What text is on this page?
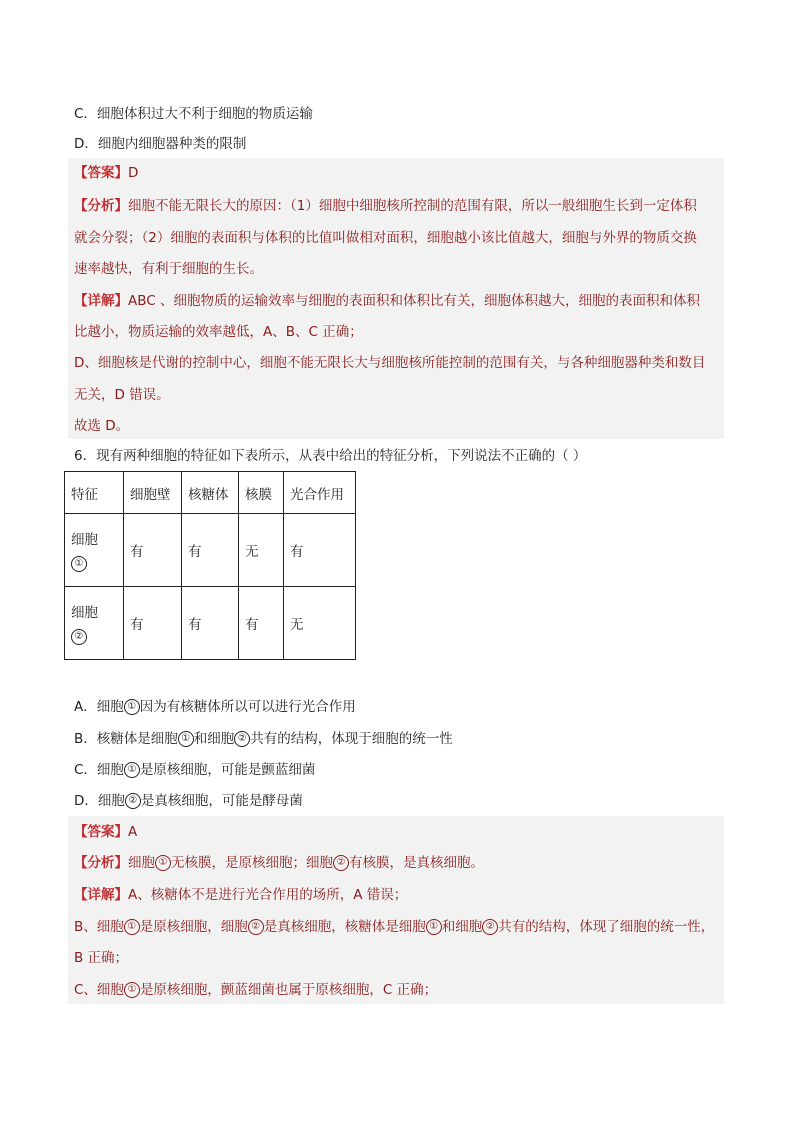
C．细胞体积过大不利于细胞的物质运输
D．细胞内细胞器种类的限制
【答案】D
【分析】细胞不能无限长大的原因：（1）细胞中细胞核所控制的范围有限，所以一般细胞生长到一定体积
就会分裂；（2）细胞的表面积与体积的比值叫做相对面积，细胞越小该比值越大，细胞与外界的物质交换
速率越快，有利于细胞的生长。
【详解】ABC 、细胞物质的运输效率与细胞的表面积和体积比有关，细胞体积越大，细胞的表面积和体积
比越小，物质运输的效率越低，A、B、C 正确；
D、细胞核是代谢的控制中心，细胞不能无限长大与细胞核所能控制的范围有关，与各种细胞器种类和数目
无关，D 错误。
故选 D。
6．现有两种细胞的特征如下表所示，从表中给出的特征分析，下列说法不正确的（ ）
特征	细胞壁	核糖体	核膜	光合作用

细胞
①	有	有	无	有

细胞
②	有	有	有	无
A．细胞 ① 因为有核糖体所以可以进行光合作用
B．核糖体是细胞 ① 和细胞 ② 共有的结构，体现于细胞的统一性
C．细胞 ① 是原核细胞，可能是颤蓝细菌
D．细胞 ② 是真核细胞，可能是酵母菌
【答案】A
【分析】细胞 ① 无核膜，是原核细胞；细胞 ② 有核膜，是真核细胞。
【详解】A、核糖体不是进行光合作用的场所，A 错误；
B、细胞 ① 是原核细胞，细胞 ② 是真核细胞，核糖体是细胞 ① 和细胞 ② 共有的结构，体现了细胞的统一性，
B 正确；
C、细胞 ① 是原核细胞，颤蓝细菌也属于原核细胞，C 正确；
